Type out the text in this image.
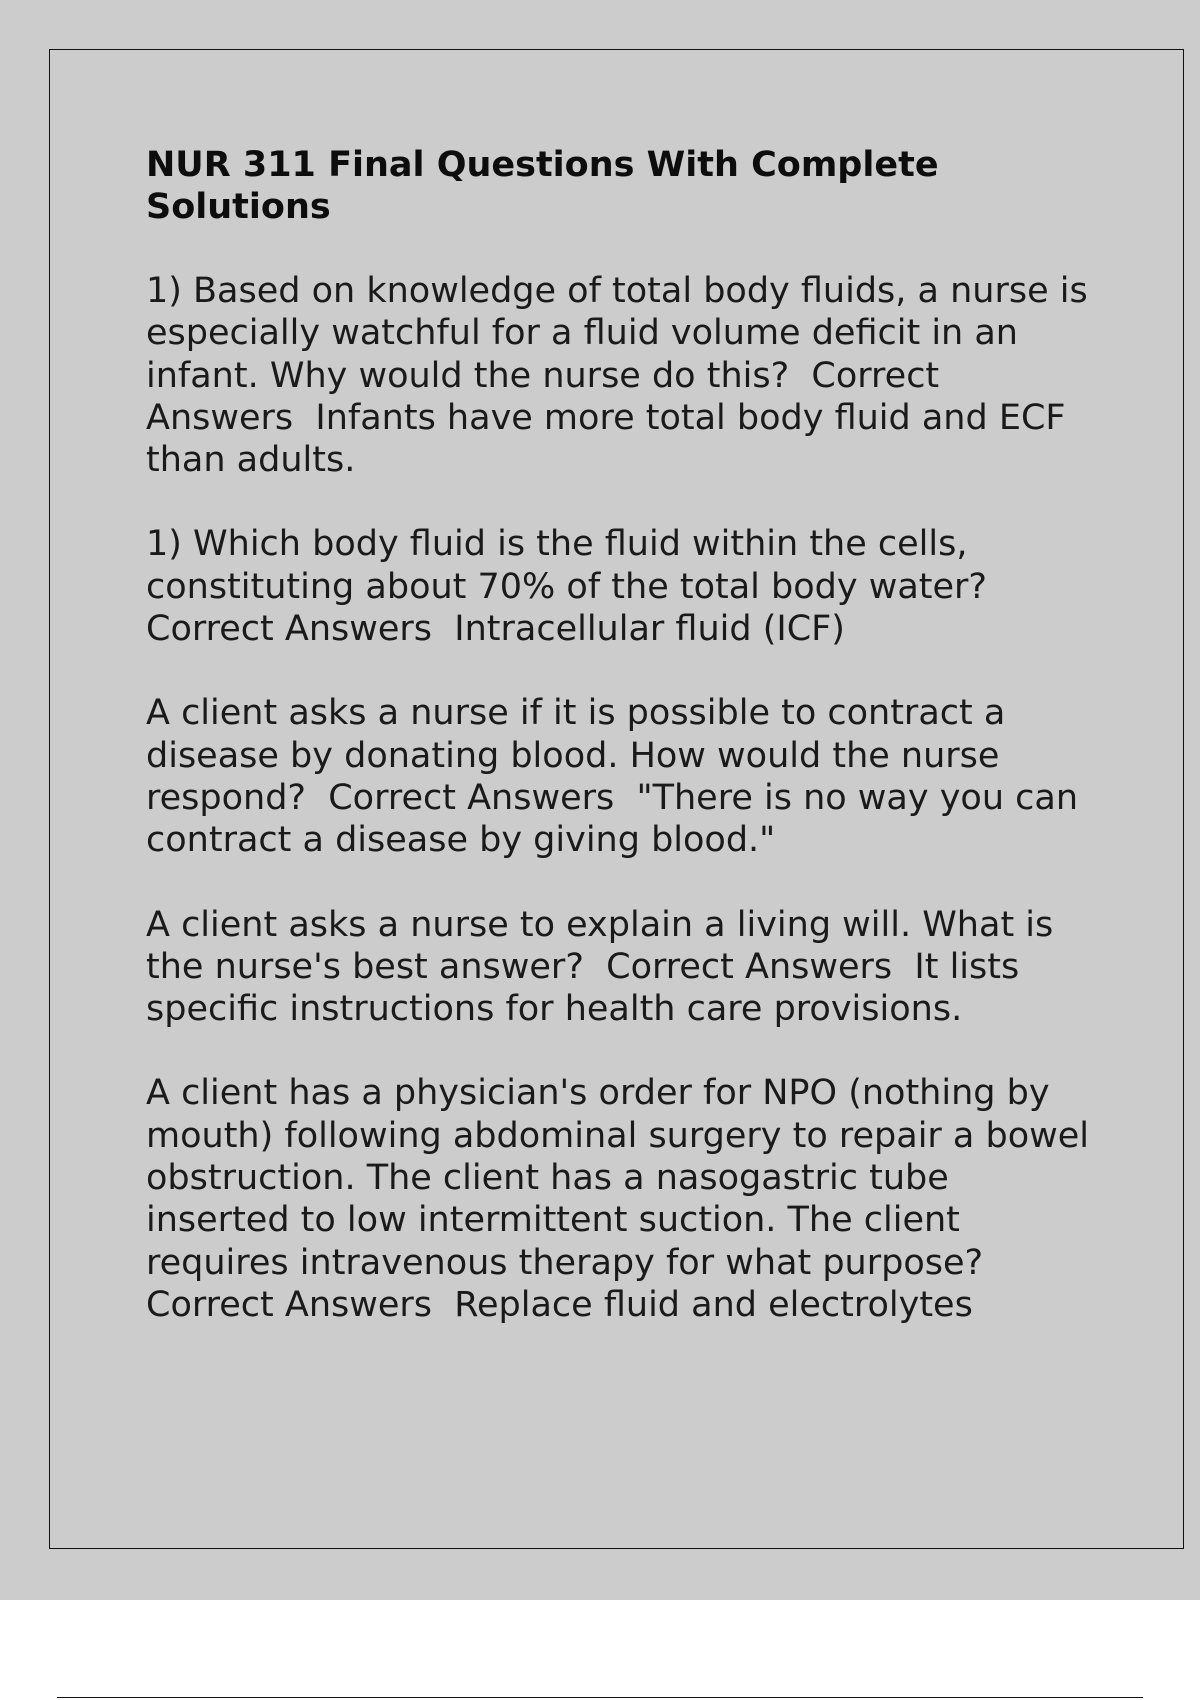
NUR 311 Final Questions With Complete Solutions
1) Based on knowledge of total body fluids, a nurse is especially watchful for a fluid volume deficit in an infant. Why would the nurse do this?  Correct Answers  Infants have more total body fluid and ECF than adults.
1) Which body fluid is the fluid within the cells, constituting about 70% of the total body water?  Correct Answers  Intracellular fluid (ICF)
A client asks a nurse if it is possible to contract a disease by donating blood. How would the nurse respond?  Correct Answers  "There is no way you can contract a disease by giving blood."
A client asks a nurse to explain a living will. What is the nurse's best answer?  Correct Answers  It lists specific instructions for health care provisions.
A client has a physician's order for NPO (nothing by mouth) following abdominal surgery to repair a bowel obstruction. The client has a nasogastric tube inserted to low intermittent suction. The client requires intravenous therapy for what purpose?  Correct Answers  Replace fluid and electrolytes
